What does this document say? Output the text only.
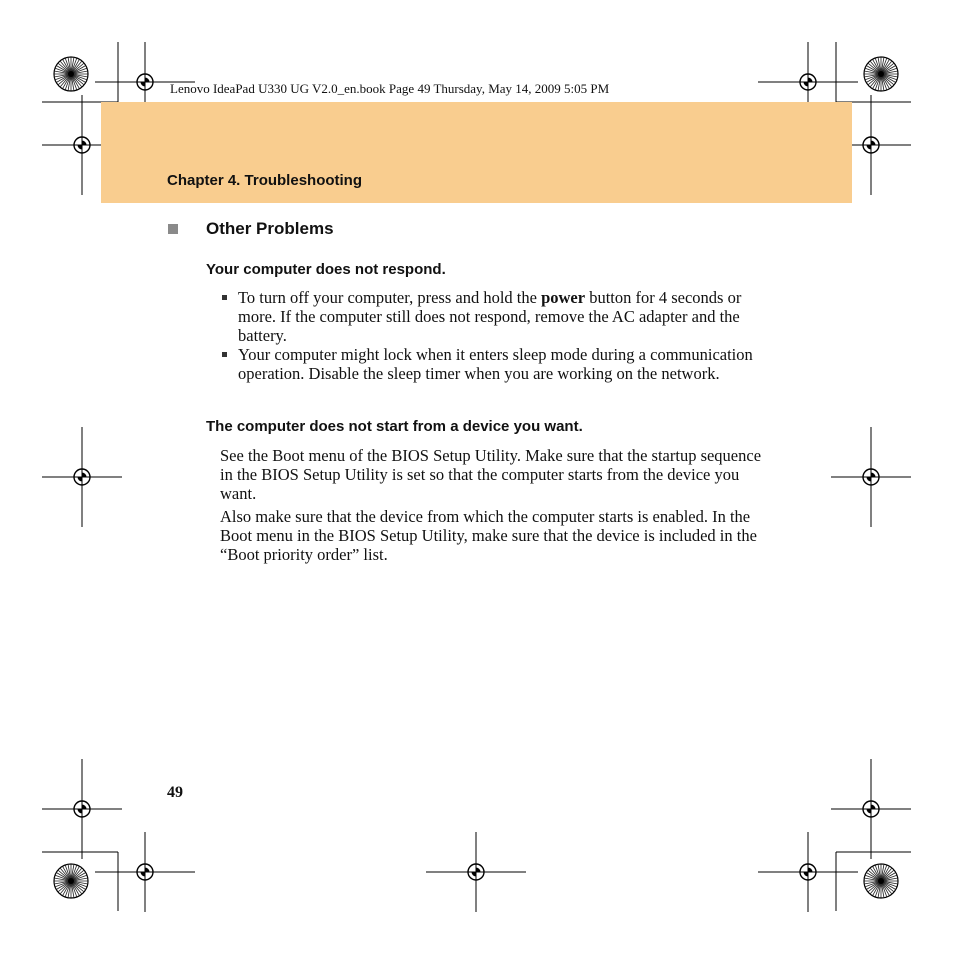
Lenovo IdeaPad U330 UG V2.0_en.book Page 49 Thursday, May 14, 2009 5:05 PM
Chapter 4. Troubleshooting
Other Problems
Your computer does not respond.
To turn off your computer, press and hold the power button for 4 seconds or more. If the computer still does not respond, remove the AC adapter and the battery.
Your computer might lock when it enters sleep mode during a communication operation. Disable the sleep timer when you are working on the network.
The computer does not start from a device you want.

See the Boot menu of the BIOS Setup Utility. Make sure that the startup sequence in the BIOS Setup Utility is set so that the computer starts from the device you want.

Also make sure that the device from which the computer starts is enabled. In the Boot menu in the BIOS Setup Utility, make sure that the device is included in the “Boot priority order” list.

49
